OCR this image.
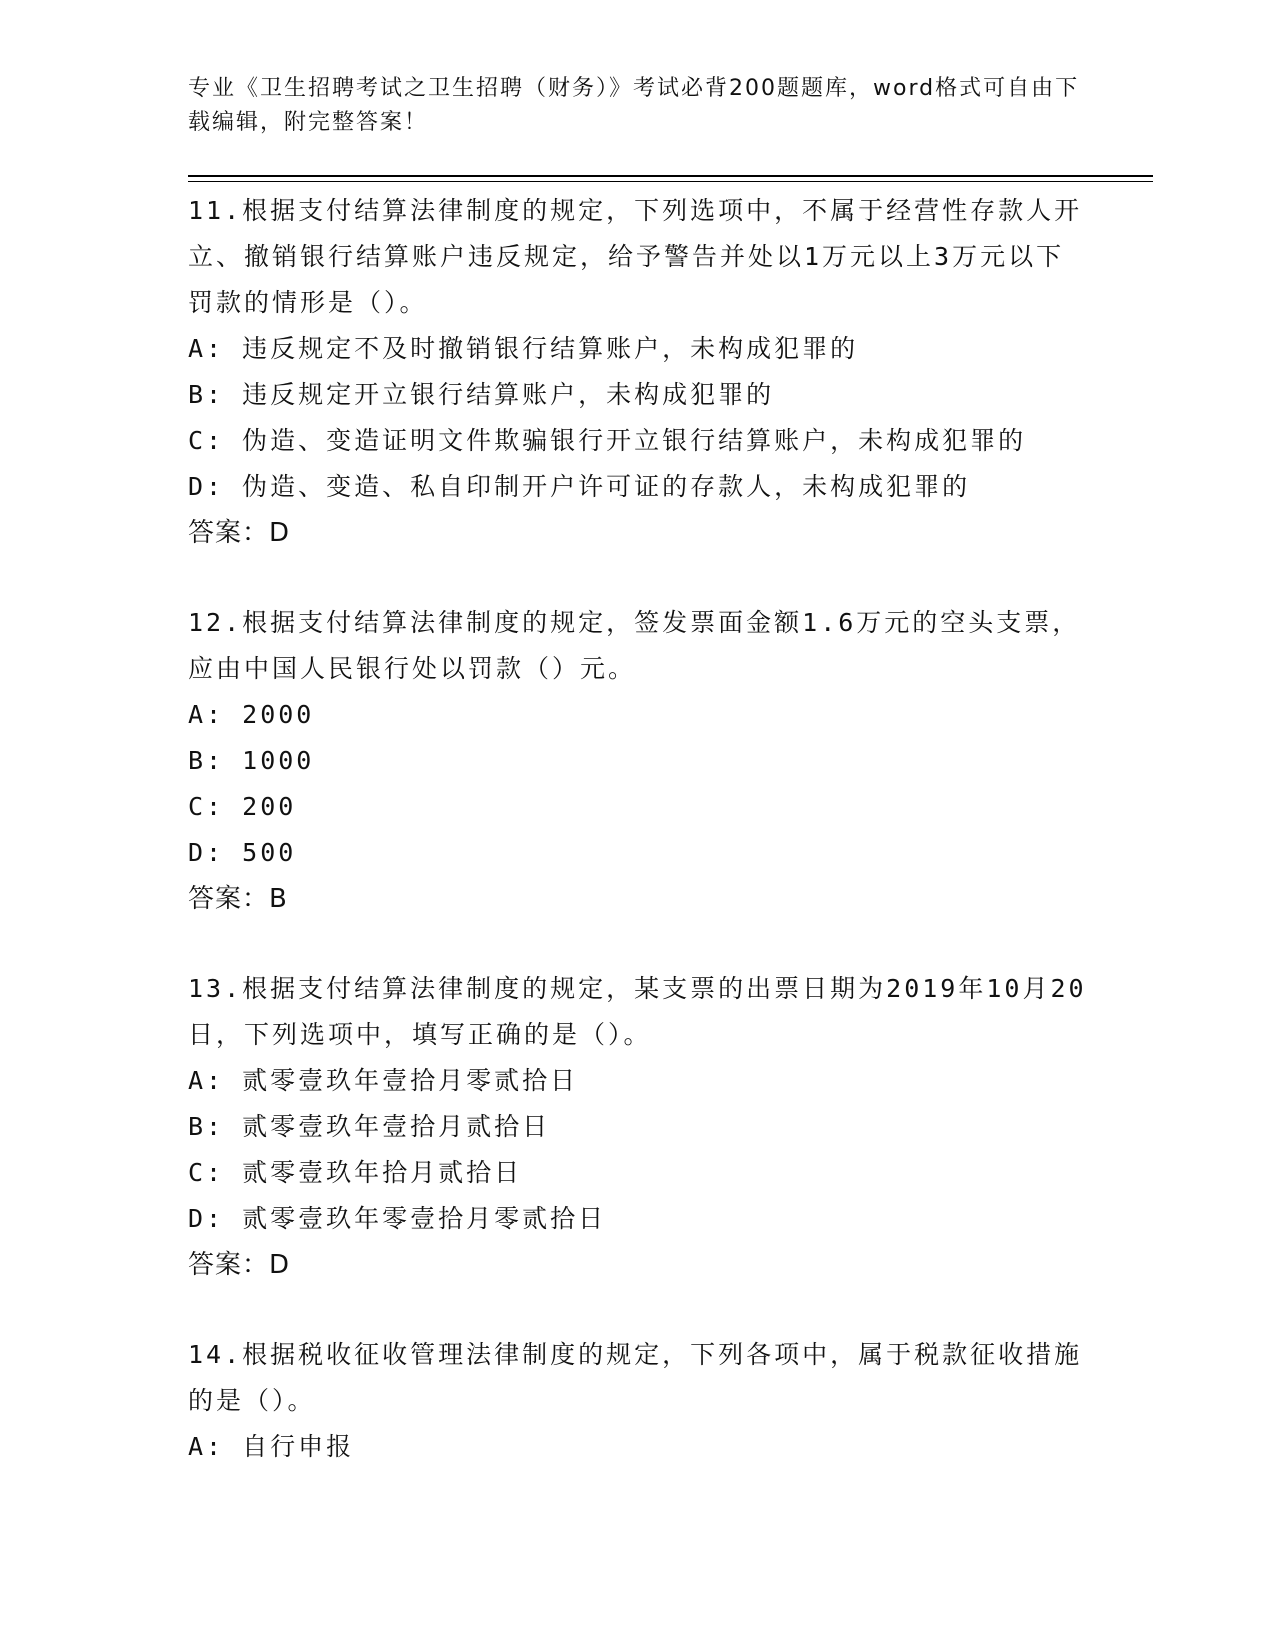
专业《卫生招聘考试之卫生招聘（财务）》考试必背200题题库，word格式可自由下载编辑，附完整答案！

11.根据支付结算法律制度的规定，下列选项中，不属于经营性存款人开立、撤销银行结算账户违反规定，给予警告并处以1万元以上3万元以下罚款的情形是（）。

A: 违反规定不及时撤销银行结算账户，未构成犯罪的

B: 违反规定开立银行结算账户，未构成犯罪的

C: 伪造、变造证明文件欺骗银行开立银行结算账户，未构成犯罪的

D: 伪造、变造、私自印制开户许可证的存款人，未构成犯罪的

答案：D

12.根据支付结算法律制度的规定，签发票面金额1.6万元的空头支票，应由中国人民银行处以罚款（）元。

A: 2000

B: 1000

C: 200

D: 500

答案：B

13.根据支付结算法律制度的规定，某支票的出票日期为2019年10月20日，下列选项中，填写正确的是（）。

A: 贰零壹玖年壹拾月零贰拾日

B: 贰零壹玖年壹拾月贰拾日

C: 贰零壹玖年拾月贰拾日

D: 贰零壹玖年零壹拾月零贰拾日

答案：D

14.根据税收征收管理法律制度的规定，下列各项中，属于税款征收措施的是（）。

A: 自行申报
